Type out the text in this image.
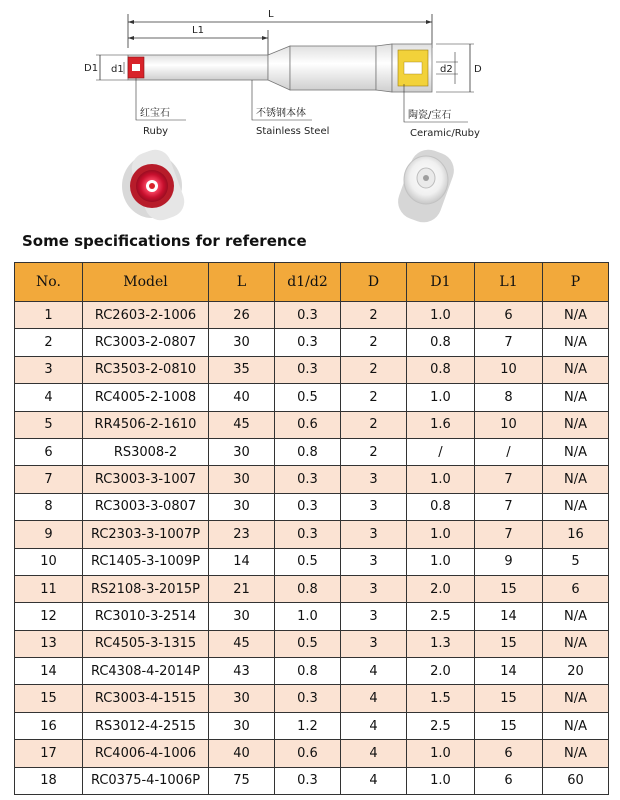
L
L1
D1 d1	d2 D
红宝石
Ruby
不锈钢本体
Stainless Steel
陶瓷/宝石
Ceramic/Ruby
Some specifications for reference
No.	Model	L	d1/d2	D	D1	L1	P
1	RC2603-2-1006	26	0.3	2	1.0	6	N/A
2	RC3003-2-0807	30	0.3	2	0.8	7	N/A
3	RC3503-2-0810	35	0.3	2	0.8	10	N/A
4	RC4005-2-1008	40	0.5	2	1.0	8	N/A
5	RR4506-2-1610	45	0.6	2	1.6	10	N/A
6	RS3008-2	30	0.8	2	/	/	N/A
7	RC3003-3-1007	30	0.3	3	1.0	7	N/A
8	RC3003-3-0807	30	0.3	3	0.8	7	N/A
9	RC2303-3-1007P	23	0.3	3	1.0	7	16
10	RC1405-3-1009P	14	0.5	3	1.0	9	5
11	RS2108-3-2015P	21	0.8	3	2.0	15	6
12	RC3010-3-2514	30	1.0	3	2.5	14	N/A
13	RC4505-3-1315	45	0.5	3	1.3	15	N/A
14	RC4308-4-2014P	43	0.8	4	2.0	14	20
15	RC3003-4-1515	30	0.3	4	1.5	15	N/A
16	RS3012-4-2515	30	1.2	4	2.5	15	N/A
17	RC4006-4-1006	40	0.6	4	1.0	6	N/A
18	RC0375-4-1006P	75	0.3	4	1.0	6	60
